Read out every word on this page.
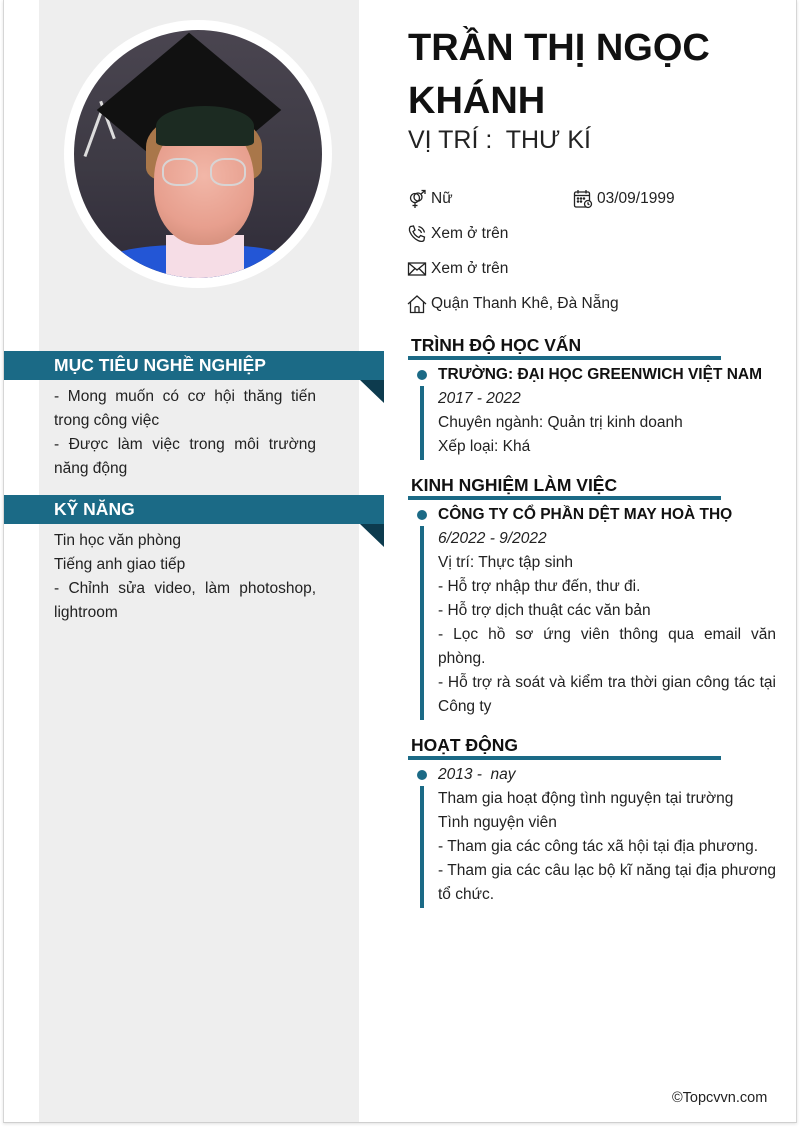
MỤC TIÊU NGHỀ NGHIỆP

- Mong muốn có cơ hội thăng tiến trong công việc

- Được làm việc trong môi trường năng động

KỸ NĂNG

Tin học văn phòng

Tiếng anh giao tiếp

- Chỉnh sửa video, làm photoshop, lightroom

TRẦN THỊ NGỌC KHÁNH
VỊ TRÍ :  THƯ KÍ
Nữ	03/09/1999
Xem ở trên
Xem ở trên
Quận Thanh Khê, Đà Nẵng
TRÌNH ĐỘ HỌC VẤN

TRƯỜNG: ĐẠI HỌC GREENWICH VIỆT NAM

2017 - 2022

Chuyên ngành: Quản trị kinh doanh

Xếp loại: Khá

KINH NGHIỆM LÀM VIỆC

CÔNG TY CỔ PHẦN DỆT MAY HOÀ THỌ

6/2022 - 9/2022

Vị trí: Thực tập sinh

- Hỗ trợ nhập thư đến, thư đi.

- Hỗ trợ dịch thuật các văn bản

- Lọc hồ sơ ứng viên thông qua email văn phòng.

- Hỗ trợ rà soát và kiểm tra thời gian công tác tại Công ty

HOẠT ĐỘNG

2013 -  nay

Tham gia hoạt động tình nguyện tại trường

Tình nguyện viên

- Tham gia các công tác xã hội tại địa phương.

- Tham gia các câu lạc bộ kĩ năng tại địa phương tổ chức.

©Topcvvn.com
